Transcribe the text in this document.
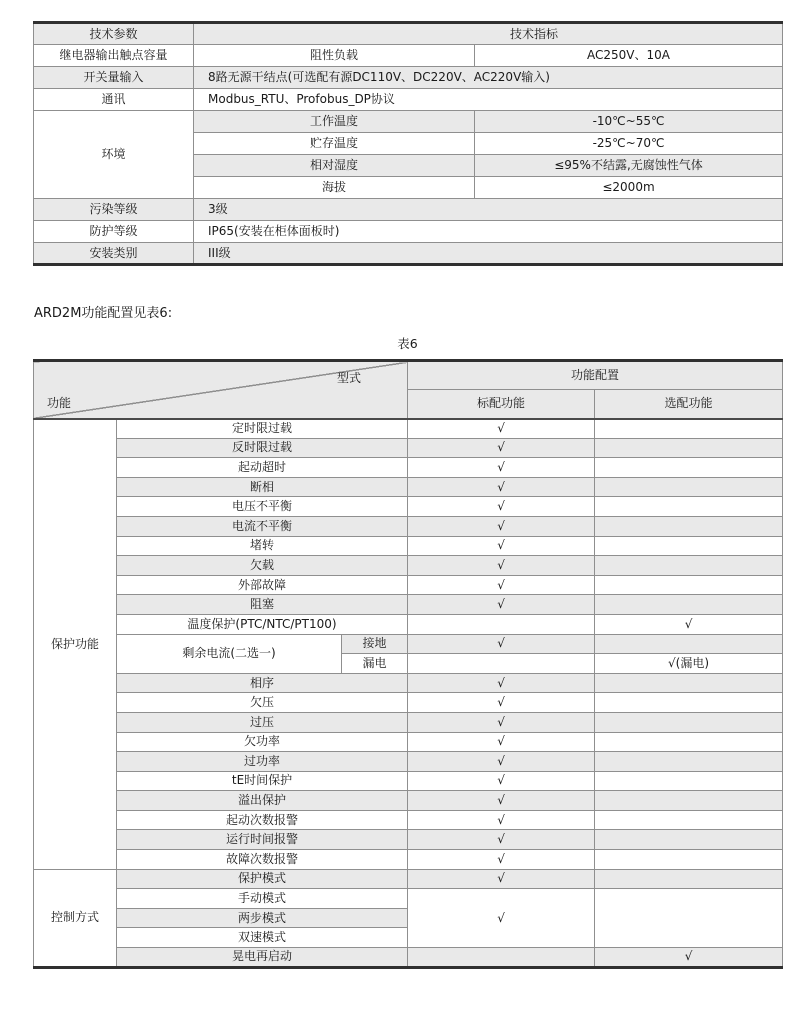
技术参数	技术指标	
继电器输出触点容量	阻性负载	AC250V、10A
开关量输入	8路无源干结点(可选配有源DC110V、DC220V、AC220V输入)	
通讯	Modbus_RTU、Profobus_DP协议	
环境	工作温度	-10℃~55℃
	贮存温度	-25℃~70℃
	相对湿度	≤95%不结露,无腐蚀性气体
	海拔	≤2000m
污染等级	3级	
防护等级	IP65(安装在柜体面板时)	
安装类别	III级	
ARD2M功能配置见表6:
表6
型式
功能			功能配置	
			标配功能	选配功能
保护功能	定时限过载		√	
	反时限过载		√	
	起动超时		√	
	断相		√	
	电压不平衡		√	
	电流不平衡		√	
	堵转		√	
	欠载		√	
	外部故障		√	
	阻塞		√	
	温度保护(PTC/NTC/PT100)			√
	剩余电流(二选一)	接地	√	
		漏电		√(漏电)
	相序		√	
	欠压		√	
	过压		√	
	欠功率		√	
	过功率		√	
	tE时间保护		√	
	溢出保护		√	
	起动次数报警		√	
	运行时间报警		√	
	故障次数报警		√	
控制方式	保护模式		√	
	手动模式		√	
	两步模式			
	双速模式			
	晃电再启动			√
